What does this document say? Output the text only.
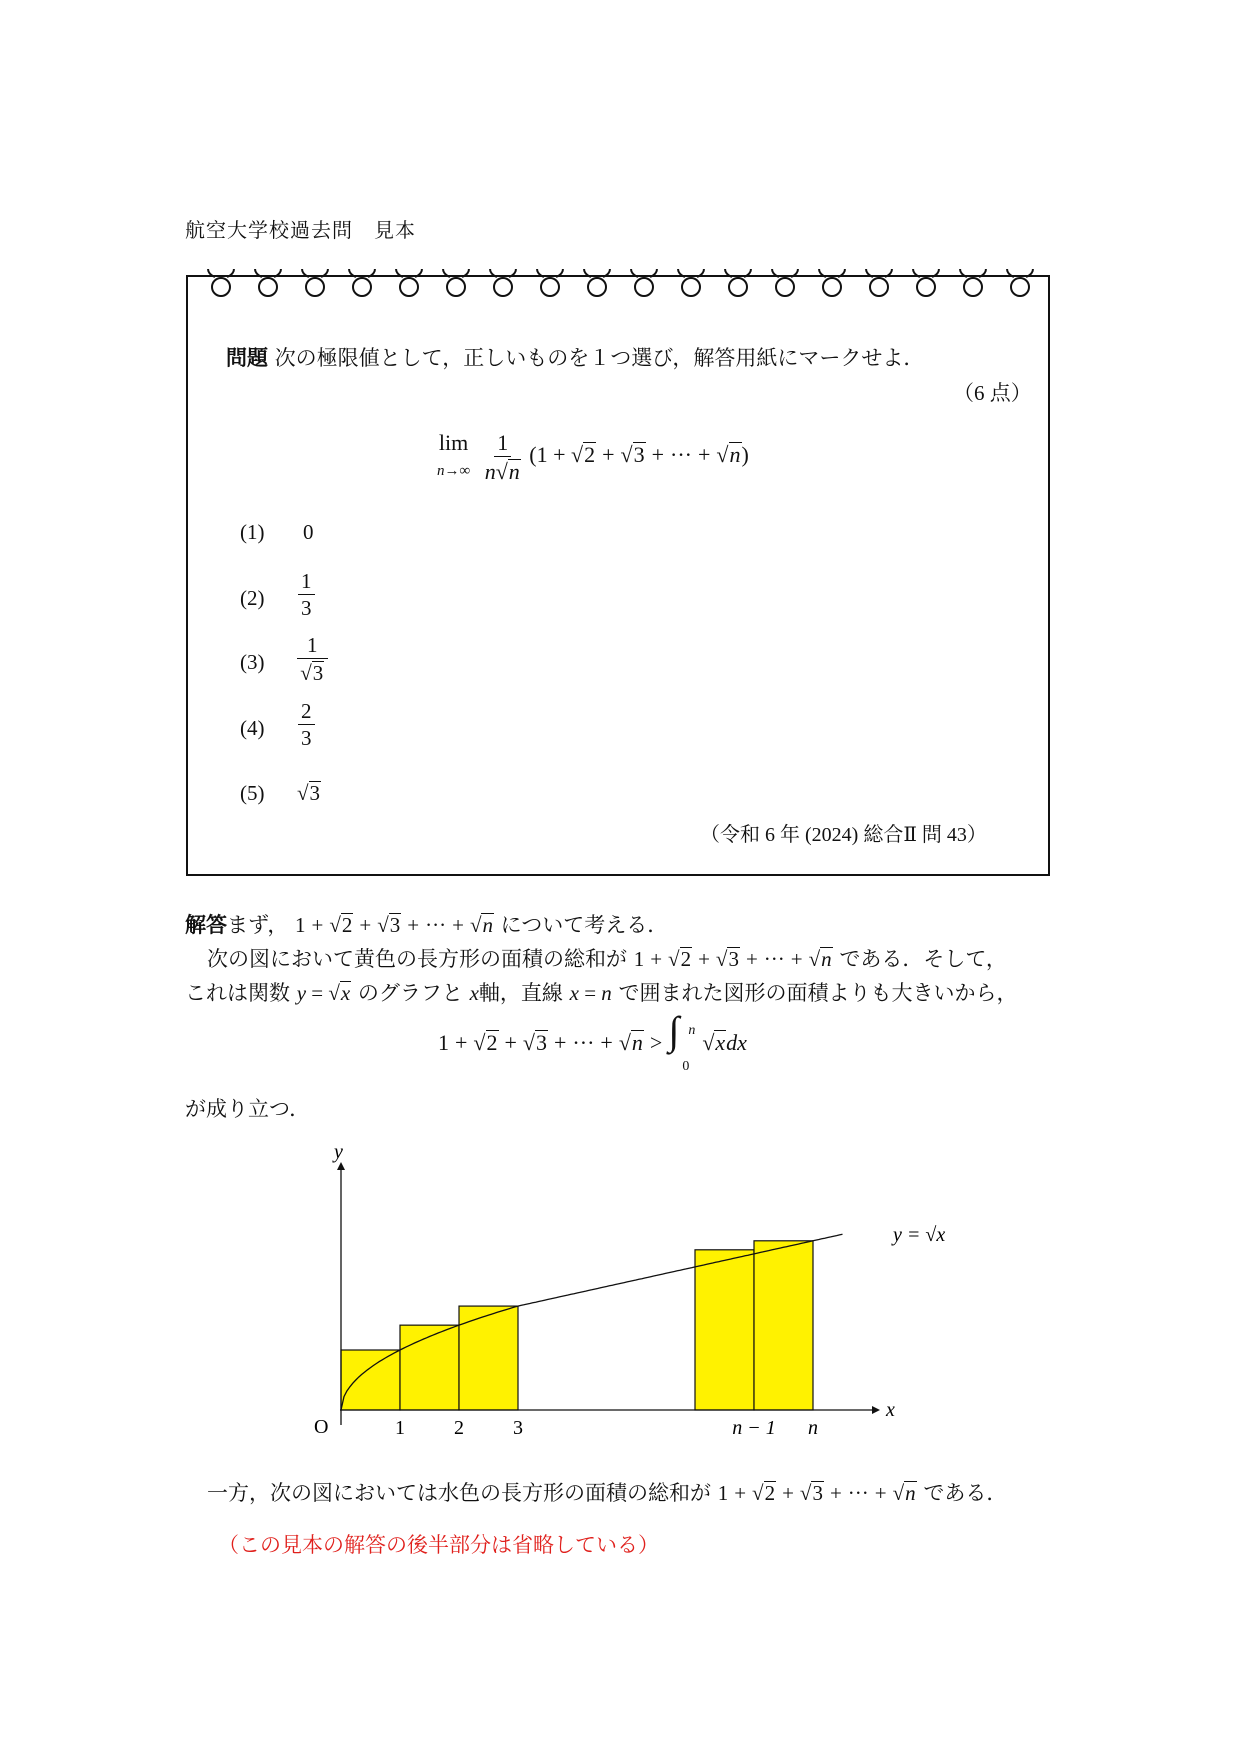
航空大学校過去問　見本
問題 次の極限値として，正しいものを１つ選び，解答用紙にマークせよ．
（6 点）
lim
n→∞
$\frac{1}{n√n} (1 + √2 + √3$ + ··· + √n)
(1) 0
$(2) \frac{1}{3}$
$(3) \frac{1}{√3}$
$(4) \frac{2}{3}$
(5) √3
（令和 6 年 (2024) 総合Ⅱ 問 43）
解答まず， 1 + √2 + √3 + ··· + √n について考える．
次の図において黄色の長方形の面積の総和が 1 + √2 + √3 + ··· + √n である．そして，
これは関数 y = √x のグラフと x軸，直線 x = n で囲まれた図形の面積よりも大きいから，
1 + √2 + √3 + ··· + √n > ∫ n
0
√xdx
が成り立つ．
x
y
O
y = √x
1 2 3	n − 1 n
一方，次の図においては水色の長方形の面積の総和が 1 + √2 + √3 + ··· + √n である．
（この見本の解答の後半部分は省略している）
